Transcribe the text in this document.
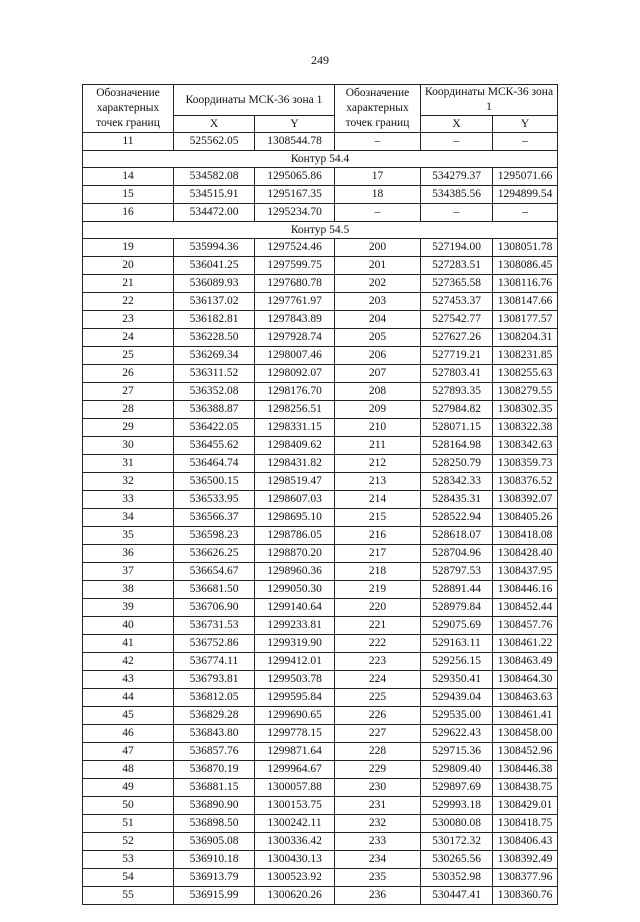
249
Обозначение характерных точек границ	Координаты МСК-36 зона 1		Обозначение характерных точек границ	Координаты МСК-36 зона 1	
	X	Y		X	Y
11	525562.05	1308544.78	–	–	–
Контур 54.4					
14	534582.08	1295065.86	17	534279.37	1295071.66
15	534515.91	1295167.35	18	534385.56	1294899.54
16	534472.00	1295234.70	–	–	–
Контур 54.5					
19	535994.36	1297524.46	200	527194.00	1308051.78
20	536041.25	1297599.75	201	527283.51	1308086.45
21	536089.93	1297680.78	202	527365.58	1308116.76
22	536137.02	1297761.97	203	527453.37	1308147.66
23	536182.81	1297843.89	204	527542.77	1308177.57
24	536228.50	1297928.74	205	527627.26	1308204.31
25	536269.34	1298007.46	206	527719.21	1308231.85
26	536311.52	1298092.07	207	527803.41	1308255.63
27	536352.08	1298176.70	208	527893.35	1308279.55
28	536388.87	1298256.51	209	527984.82	1308302.35
29	536422.05	1298331.15	210	528071.15	1308322.38
30	536455.62	1298409.62	211	528164.98	1308342.63
31	536464.74	1298431.82	212	528250.79	1308359.73
32	536500.15	1298519.47	213	528342.33	1308376.52
33	536533.95	1298607.03	214	528435.31	1308392.07
34	536566.37	1298695.10	215	528522.94	1308405.26
35	536598.23	1298786.05	216	528618.07	1308418.08
36	536626.25	1298870.20	217	528704.96	1308428.40
37	536654.67	1298960.36	218	528797.53	1308437.95
38	536681.50	1299050.30	219	528891.44	1308446.16
39	536706.90	1299140.64	220	528979.84	1308452.44
40	536731.53	1299233.81	221	529075.69	1308457.76
41	536752.86	1299319.90	222	529163.11	1308461.22
42	536774.11	1299412.01	223	529256.15	1308463.49
43	536793.81	1299503.78	224	529350.41	1308464.30
44	536812.05	1299595.84	225	529439.04	1308463.63
45	536829.28	1299690.65	226	529535.00	1308461.41
46	536843.80	1299778.15	227	529622.43	1308458.00
47	536857.76	1299871.64	228	529715.36	1308452.96
48	536870.19	1299964.67	229	529809.40	1308446.38
49	536881.15	1300057.88	230	529897.69	1308438.75
50	536890.90	1300153.75	231	529993.18	1308429.01
51	536898.50	1300242.11	232	530080.08	1308418.75
52	536905.08	1300336.42	233	530172.32	1308406.43
53	536910.18	1300430.13	234	530265.56	1308392.49
54	536913.79	1300523.92	235	530352.98	1308377.96
55	536915.99	1300620.26	236	530447.41	1308360.76
